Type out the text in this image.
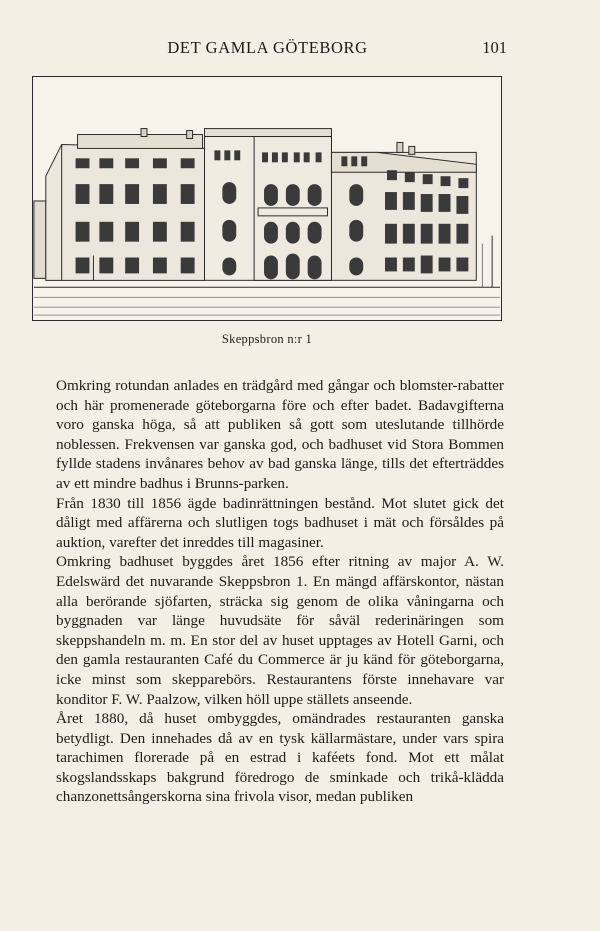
DET GAMLA GÖTEBORG	101
Skeppsbron n:r 1

Omkring rotundan anlades en trädgård med gångar och blomster-rabatter och här promenerade göteborgarna före och efter badet. Badavgifterna voro ganska höga, så att publiken så gott som uteslutande tillhörde noblessen. Frekvensen var ganska god, och badhuset vid Stora Bommen fyllde stadens invånares behov av bad ganska länge, tills det efterträddes av ett mindre badhus i Brunns-parken.

Från 1830 till 1856 ägde badinrättningen bestånd. Mot slutet gick det dåligt med affärerna och slutligen togs badhuset i mät och försåldes på auktion, varefter det inreddes till magasiner.

Omkring badhuset byggdes året 1856 efter ritning av major A. W. Edelswärd det nuvarande Skeppsbron 1. En mängd affärskontor, nästan alla berörande sjöfarten, sträcka sig genom de olika våningarna och byggnaden var länge huvudsäte för såväl rederinäringen som skeppshandeln m. m. En stor del av huset upptages av Hotell Garni, och den gamla restauranten Café du Commerce är ju känd för göteborgarna, icke minst som skepparebörs. Restaurantens förste innehavare var konditor F. W. Paalzow, vilken höll uppe ställets anseende.

Året 1880, då huset ombyggdes, omändrades restauranten ganska betydligt. Den innehades då av en tysk källarmästare, under vars spira tarachimen florerade på en estrad i kaféets fond. Mot ett målat skogslandsskaps bakgrund föredrogo de sminkade och trikå-klädda chanzonettsångerskorna sina frivola visor, medan publiken
